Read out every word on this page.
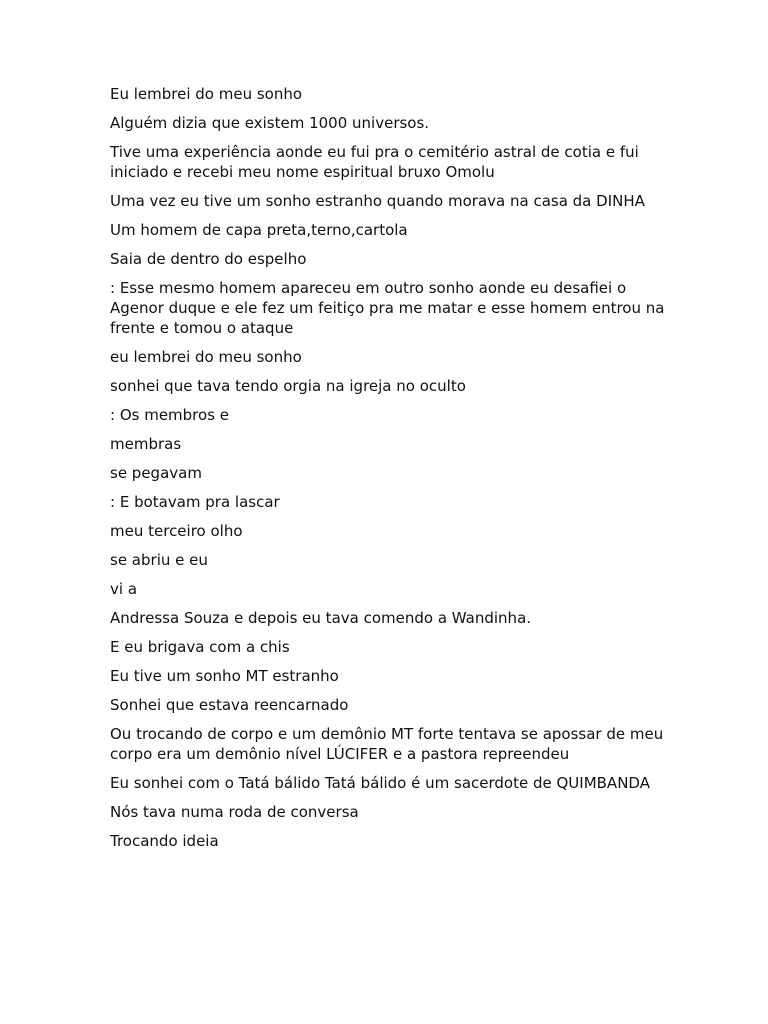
Eu lembrei do meu sonho

Alguém dizia que existem 1000 universos.

Tive uma experiência aonde eu fui pra o cemitério astral de cotia e fui iniciado e recebi meu nome espiritual bruxo Omolu

Uma vez eu tive um sonho estranho quando morava na casa da DINHA

Um homem de capa preta,terno,cartola

Saia de dentro do espelho

: Esse mesmo homem apareceu em outro sonho aonde eu desafiei o Agenor duque e ele fez um feitiço pra me matar e esse homem entrou na frente e tomou o ataque

eu lembrei do meu sonho

sonhei que tava tendo orgia na igreja no oculto

: Os membros e

membras

se pegavam

: E botavam pra lascar

meu terceiro olho

se abriu e eu

vi a

Andressa Souza e depois eu tava comendo a Wandinha.

E eu brigava com a chis

Eu tive um sonho MT estranho

Sonhei que estava reencarnado

Ou trocando de corpo e um demônio MT forte tentava se apossar de meu corpo era um demônio nível LÚCIFER e a pastora repreendeu

Eu sonhei com o Tatá bálido Tatá bálido é um sacerdote de QUIMBANDA

Nós tava numa roda de conversa

Trocando ideia
